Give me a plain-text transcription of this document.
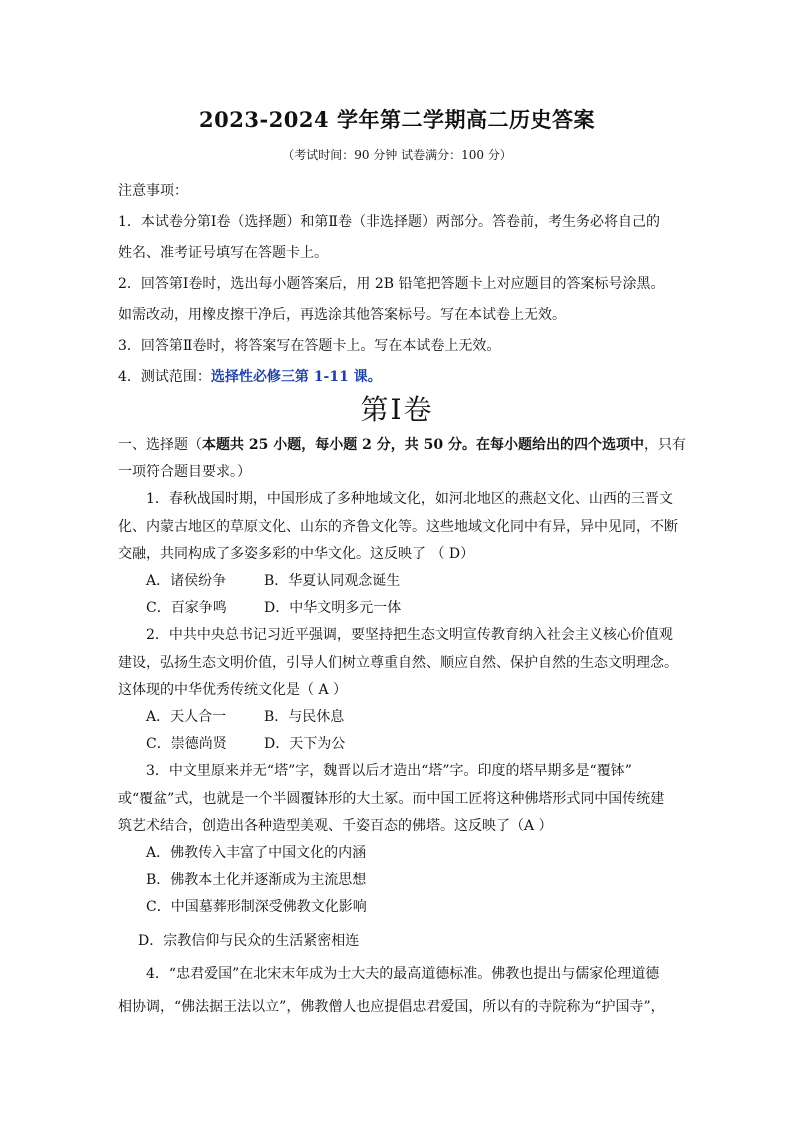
2023-2024 学年第二学期高二历史答案
（考试时间：90 分钟 试卷满分：100 分）
注意事项：
1．本试卷分第Ⅰ卷（选择题）和第Ⅱ卷（非选择题）两部分。答卷前，考生务必将自己的
姓名、准考证号填写在答题卡上。
2．回答第Ⅰ卷时，选出每小题答案后，用 2B 铅笔把答题卡上对应题目的答案标号涂黑。
如需改动，用橡皮擦干净后，再选涂其他答案标号。写在本试卷上无效。
3．回答第Ⅱ卷时，将答案写在答题卡上。写在本试卷上无效。
4．测试范围：选择性必修三第 1-11 课。
第Ⅰ卷
一、选择题（本题共 25 小题，每小题 2 分，共 50 分。在每小题给出的四个选项中，只有
一项符合题目要求。）
1．春秋战国时期，中国形成了多种地域文化，如河北地区的燕赵文化、山西的三晋文
化、内蒙古地区的草原文化、山东的齐鲁文化等。这些地域文化同中有异，异中见同，不断
交融，共同构成了多姿多彩的中华文化。这反映了 （ D）
A．诸侯纷争	B．华夏认同观念诞生
C．百家争鸣	D．中华文明多元一体
2．中共中央总书记习近平强调，要坚持把生态文明宣传教育纳入社会主义核心价值观
建设，弘扬生态文明价值，引导人们树立尊重自然、顺应自然、保护自然的生态文明理念。
这体现的中华优秀传统文化是（ A ）
A．天人合一	B．与民休息
C．崇德尚贤	D．天下为公
3．中文里原来并无“塔”字，魏晋以后才造出“塔”字。印度的塔早期多是“覆钵”
或“覆盆”式，也就是一个半圆覆钵形的大土冢。而中国工匠将这种佛塔形式同中国传统建
筑艺术结合，创造出各种造型美观、千姿百态的佛塔。这反映了（A ）
A．佛教传入丰富了中国文化的内涵
B．佛教本土化并逐渐成为主流思想
C．中国墓葬形制深受佛教文化影响
D．宗教信仰与民众的生活紧密相连
4．“忠君爱国”在北宋末年成为士大夫的最高道德标准。佛教也提出与儒家伦理道德
相协调，“佛法据王法以立”，佛教僧人也应提倡忠君爱国，所以有的寺院称为“护国寺”，
